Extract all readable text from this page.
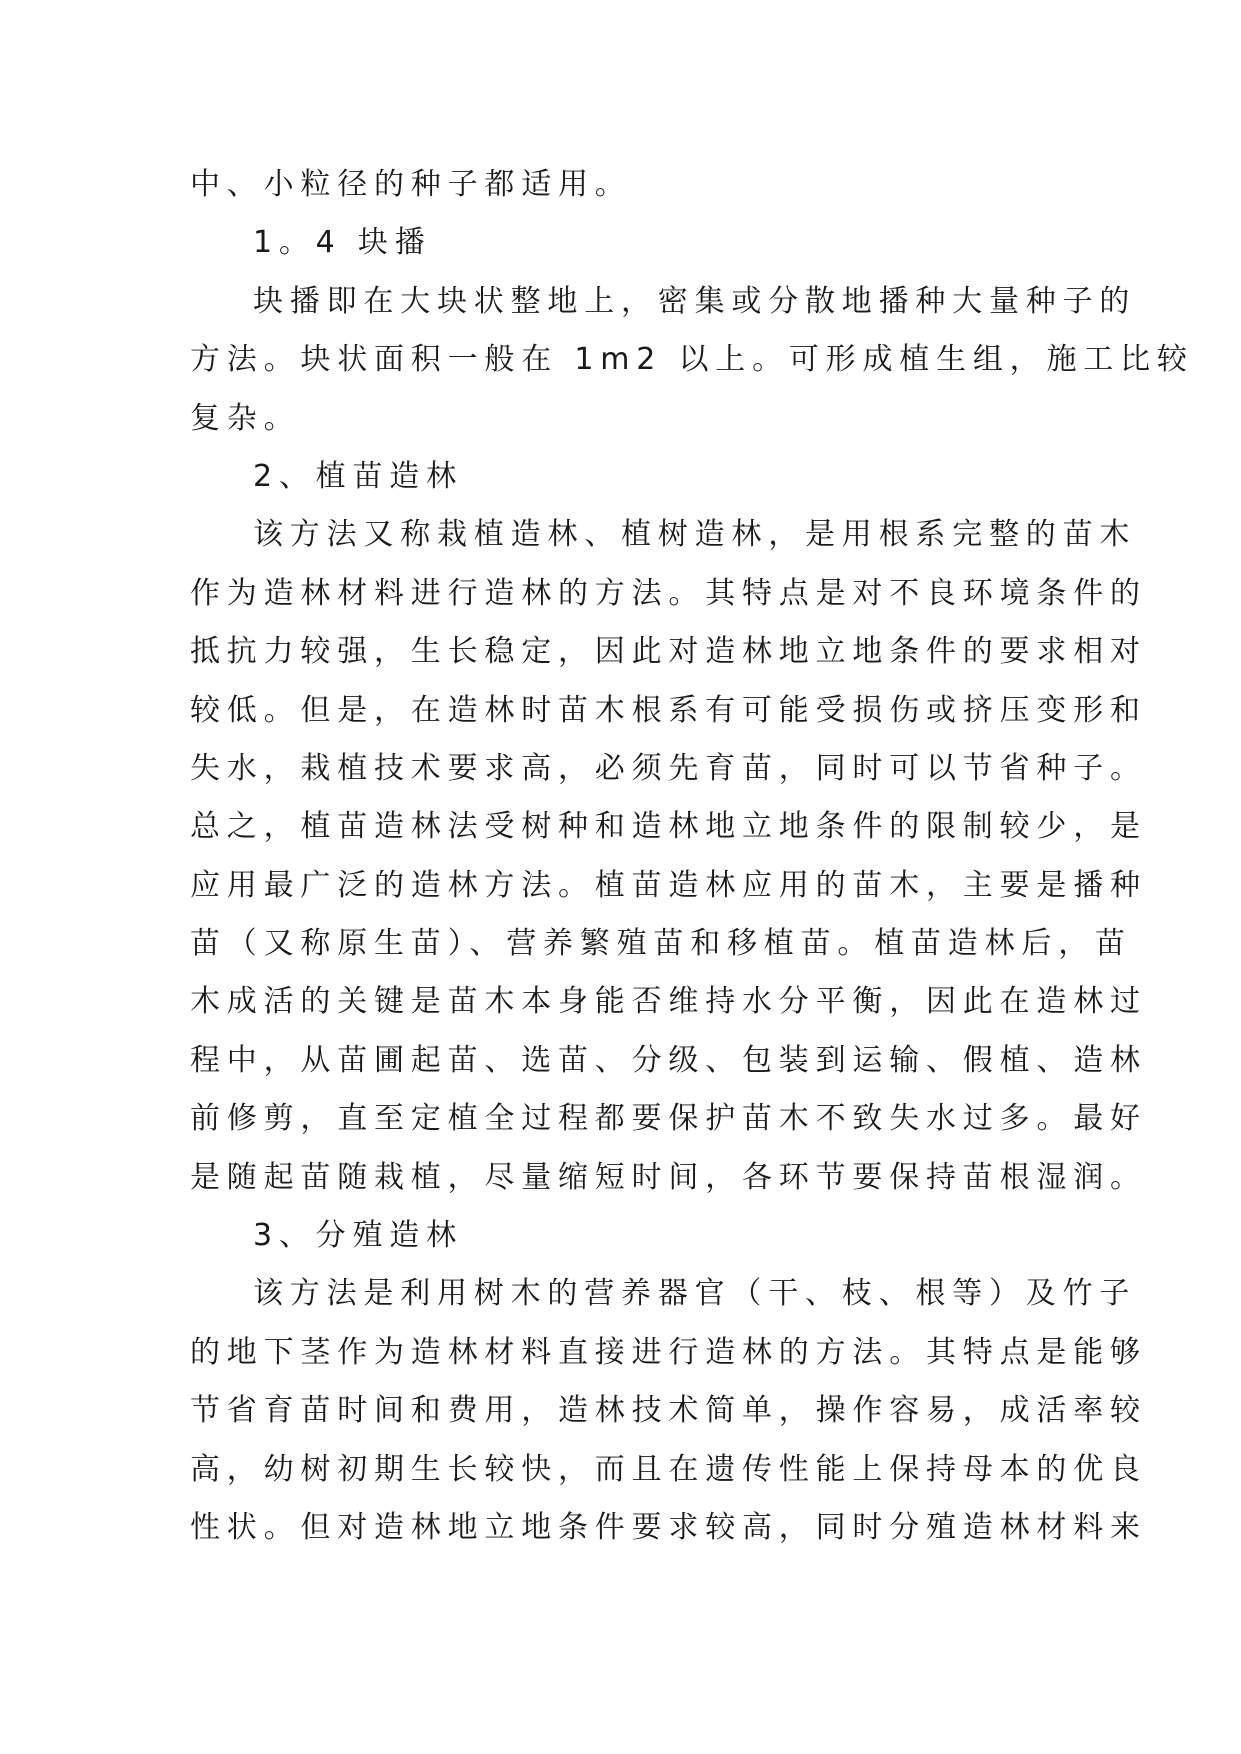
中、小粒径的种子都适用。
1。4 块播
块播即在大块状整地上，密集或分散地播种大量种子的
方法。块状面积一般在 1m2 以上。可形成植生组，施工比较
复杂。
2、植苗造林
该方法又称栽植造林、植树造林，是用根系完整的苗木
作为造林材料进行造林的方法。其特点是对不良环境条件的
抵抗力较强，生长稳定，因此对造林地立地条件的要求相对
较低。但是，在造林时苗木根系有可能受损伤或挤压变形和
失水，栽植技术要求高，必须先育苗，同时可以节省种子。
总之，植苗造林法受树种和造林地立地条件的限制较少，是
应用最广泛的造林方法。植苗造林应用的苗木，主要是播种
苗（又称原生苗）、营养繁殖苗和移植苗。植苗造林后，苗
木成活的关键是苗木本身能否维持水分平衡，因此在造林过
程中，从苗圃起苗、选苗、分级、包装到运输、假植、造林
前修剪，直至定植全过程都要保护苗木不致失水过多。最好
是随起苗随栽植，尽量缩短时间，各环节要保持苗根湿润。
3、分殖造林
该方法是利用树木的营养器官（干、枝、根等）及竹子
的地下茎作为造林材料直接进行造林的方法。其特点是能够
节省育苗时间和费用，造林技术简单，操作容易，成活率较
高，幼树初期生长较快，而且在遗传性能上保持母本的优良
性状。但对造林地立地条件要求较高，同时分殖造林材料来
